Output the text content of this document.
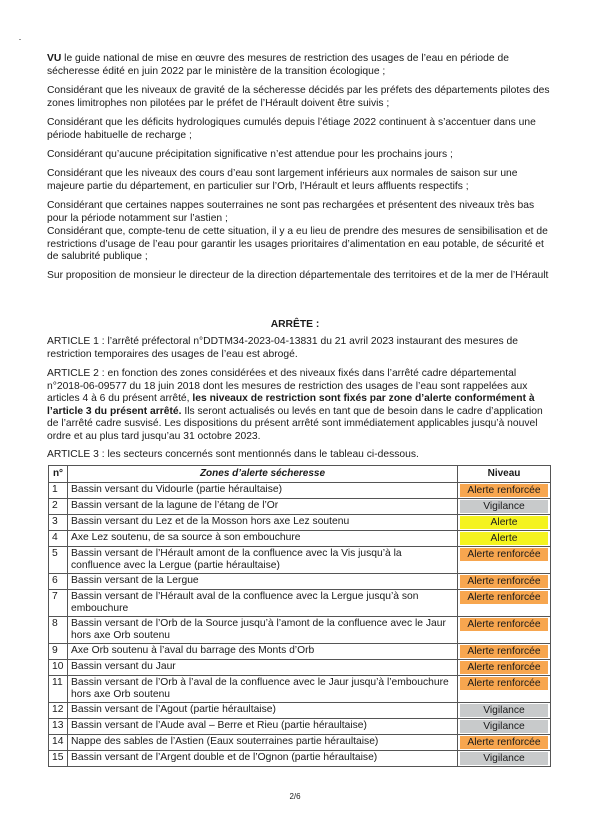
VU le guide national de mise en œuvre des mesures de restriction des usages de l’eau en période de sécheresse édité en juin 2022 par le ministère de la transition écologique ;

Considérant que les niveaux de gravité de la sécheresse décidés par les préfets des départements pilotes des zones limitrophes non pilotées par le préfet de l’Hérault doivent être suivis ;

Considérant que les déficits hydrologiques cumulés depuis l’étiage 2022 continuent à s’accentuer dans une période habituelle de recharge ;

Considérant qu’aucune précipitation significative n’est attendue pour les prochains jours ;

Considérant que les niveaux des cours d’eau sont largement inférieurs aux normales de saison sur une majeure partie du département, en particulier sur l’Orb, l’Hérault et leurs affluents respectifs ;

Considérant que certaines nappes souterraines ne sont pas rechargées et présentent des niveaux très bas pour la période notamment sur l’astien ;

Considérant que, compte-tenu de cette situation, il y a eu lieu de prendre des mesures de sensibilisation et de restrictions d’usage de l’eau pour garantir les usages prioritaires d’alimentation en eau potable, de sécurité et de salubrité publique ;

Sur proposition de monsieur le directeur de la direction départementale des territoires et de la mer de l’Hérault

ARRÊTE :

ARTICLE 1 : l’arrêté préfectoral n°DDTM34-2023-04-13831 du 21 avril 2023 instaurant des mesures de restriction temporaires des usages de l’eau est abrogé.

ARTICLE 2 : en fonction des zones considérées et des niveaux fixés dans l’arrêté cadre départemental n°2018-06-09577 du 18 juin 2018 dont les mesures de restriction des usages de l’eau sont rappelées aux articles 4 à 6 du présent arrêté, les niveaux de restriction sont fixés par zone d’alerte conformément à l’article 3 du présent arrêté. Ils seront actualisés ou levés en tant que de besoin dans le cadre d’application de l’arrêté cadre susvisé. Les dispositions du présent arrêté sont immédiatement applicables jusqu’à nouvel ordre et au plus tard jusqu’au 31 octobre 2023.

ARTICLE 3 : les secteurs concernés sont mentionnés dans le tableau ci-dessous.

n°	Zones d’alerte sécheresse	Niveau
1	Bassin versant du Vidourle (partie héraultaise)	Alerte renforcée

2	Bassin versant de la lagune de l’étang de l’Or	Vigilance

3	Bassin versant du Lez et de la Mosson hors axe Lez soutenu	Alerte

4	Axe Lez soutenu, de sa source à son embouchure	Alerte

5	Bassin versant de l’Hérault amont de la confluence avec la Vis jusqu’à la confluence avec la Lergue (partie héraultaise)	Alerte renforcée

6	Bassin versant de la Lergue	Alerte renforcée

7	Bassin versant de l’Hérault aval de la confluence avec la Lergue jusqu’à son embouchure	Alerte renforcée

8	Bassin versant de l’Orb de la Source jusqu’à l’amont de la confluence avec le Jaur hors axe Orb soutenu	Alerte renforcée

9	Axe Orb soutenu à l’aval du barrage des Monts d’Orb	Alerte renforcée

10	Bassin versant du Jaur	Alerte renforcée

11	Bassin versant de l’Orb à l’aval de la confluence avec le Jaur jusqu’à l’embouchure hors axe Orb soutenu	Alerte renforcée

12	Bassin versant de l’Agout (partie héraultaise)	Vigilance

13	Bassin versant de l’Aude aval – Berre et Rieu (partie héraultaise)	Vigilance

14	Nappe des sables de l’Astien (Eaux souterraines partie héraultaise)	Alerte renforcée

15	Bassin versant de l’Argent double et de l’Ognon (partie héraultaise)	Vigilance
2/6
